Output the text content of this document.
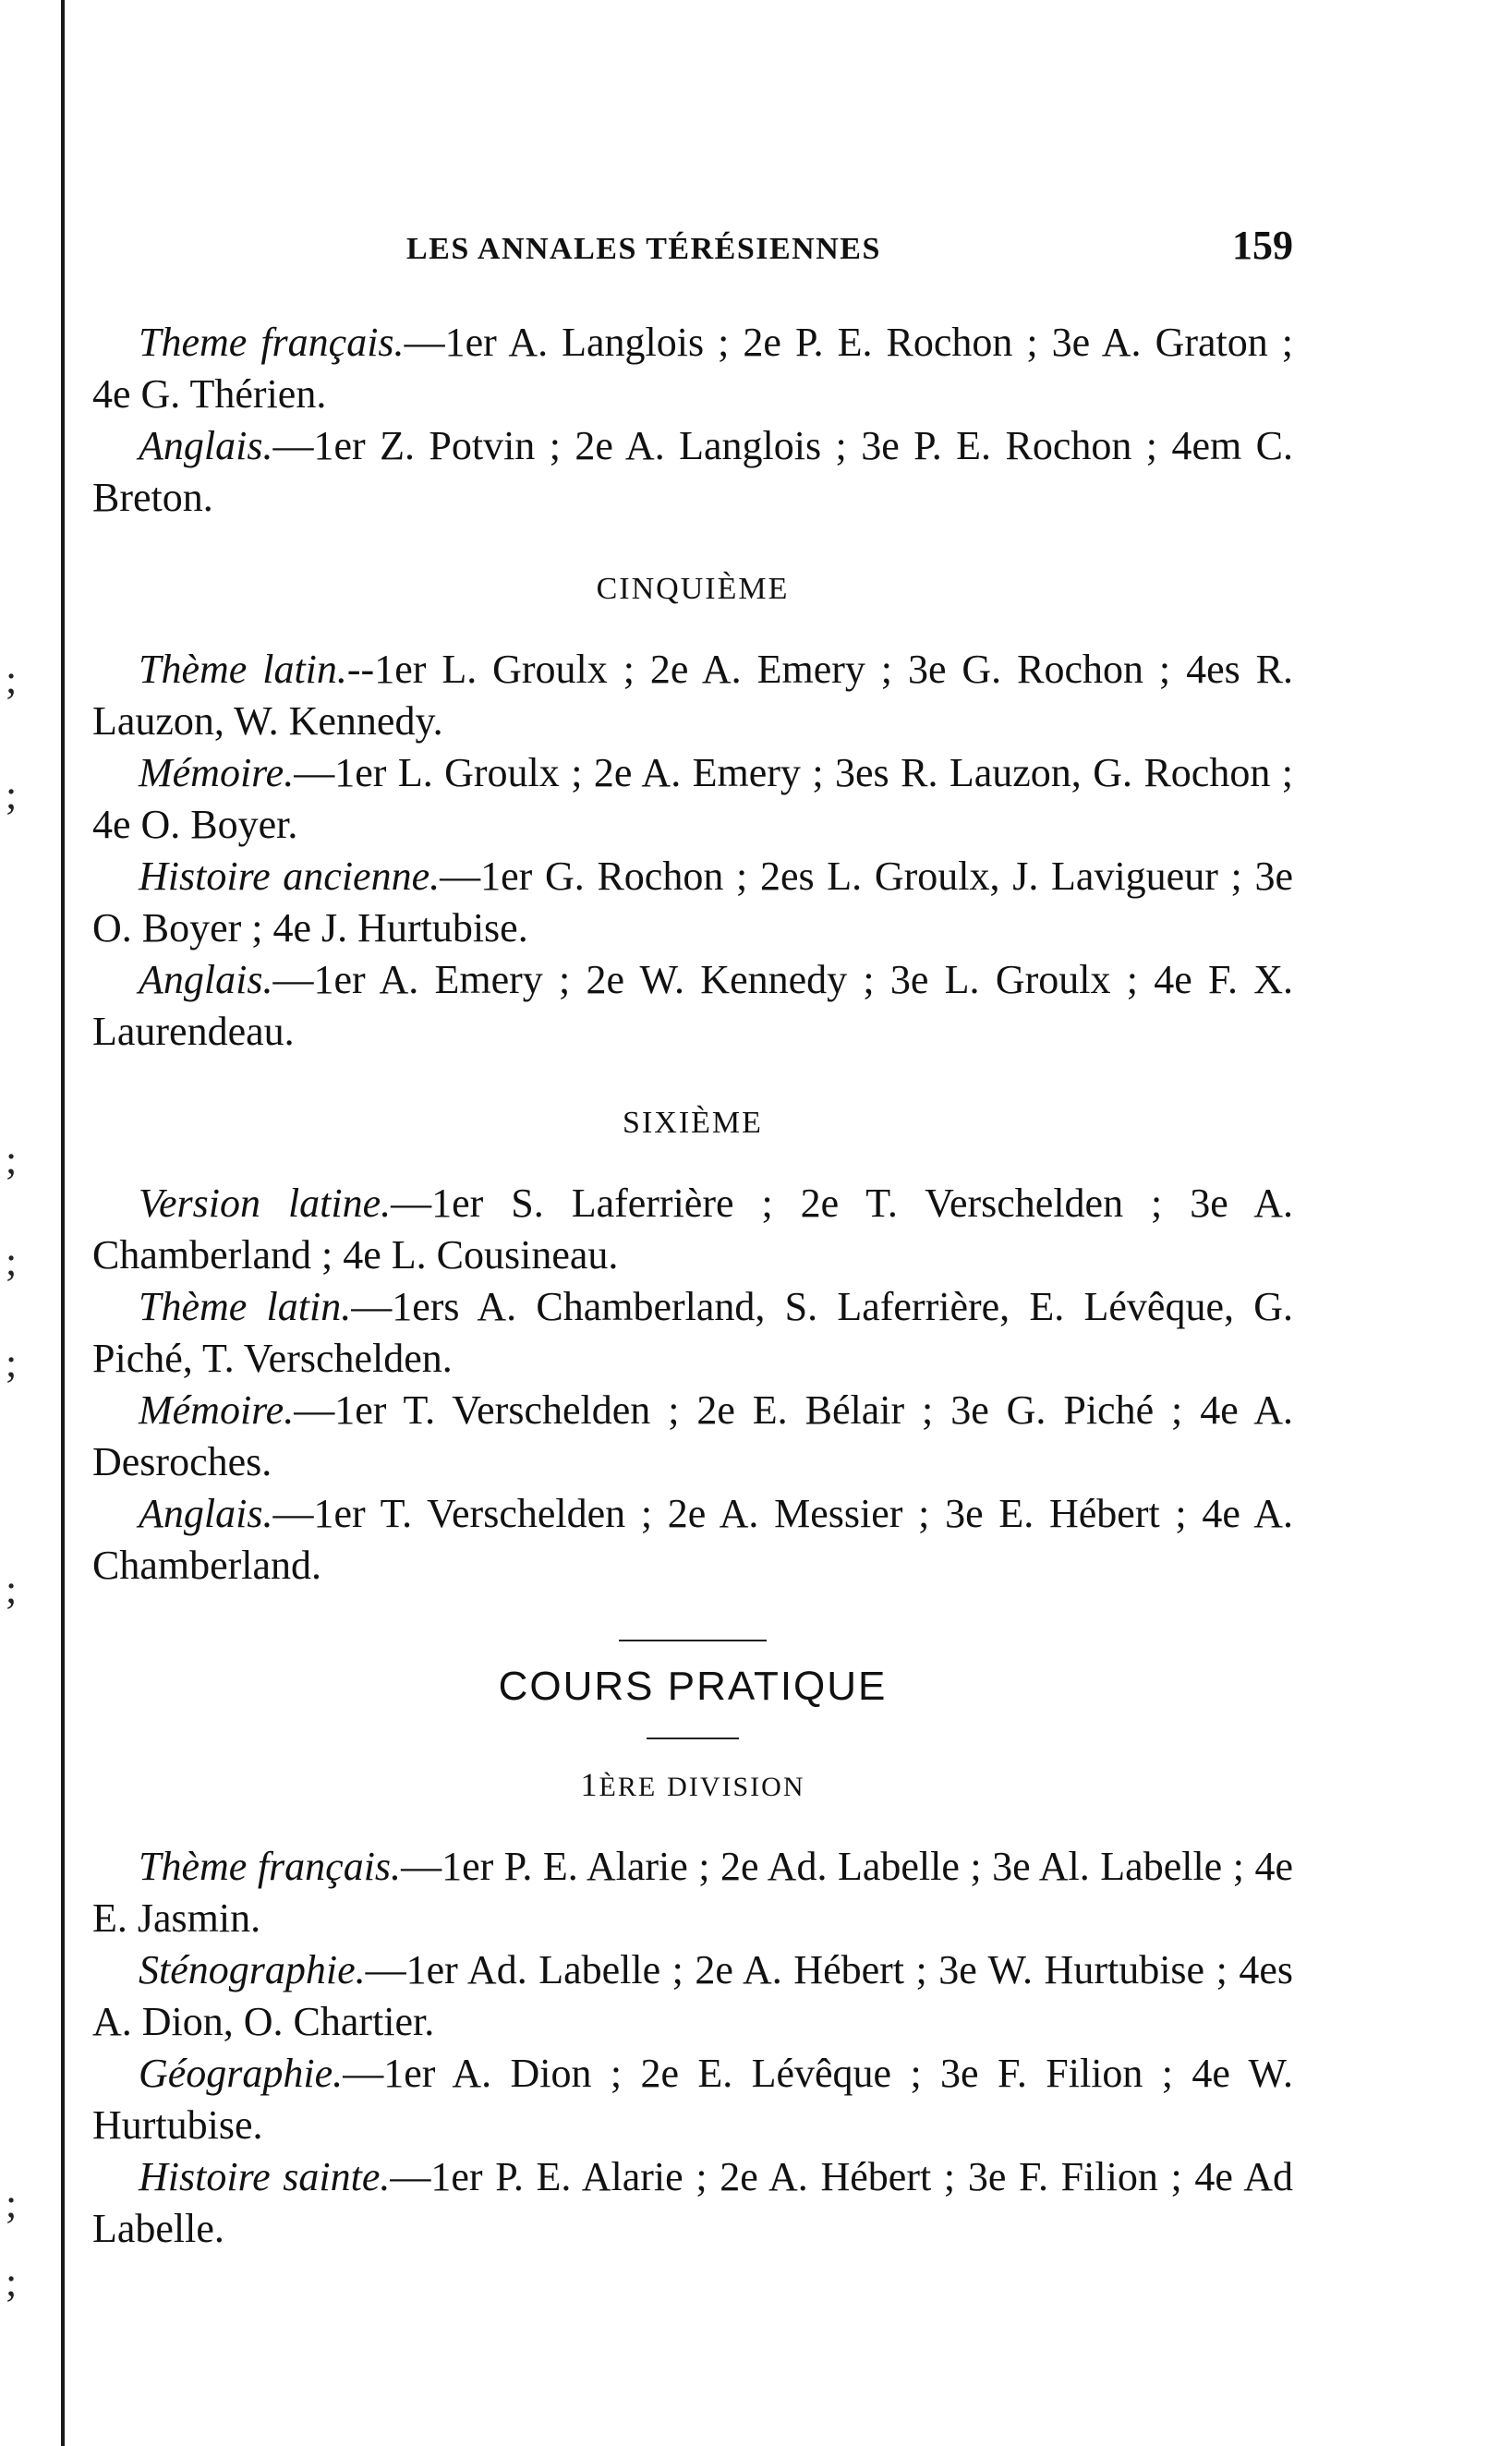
;
;
;
;
;
;
;
;
LES ANNALES TÉRÉSIENNES	159

Theme français.—1er A. Langlois ; 2e P. E. Rochon ; 3e A. Graton ; 4e G. Thérien.

Anglais.—1er Z. Potvin ; 2e A. Langlois ; 3e P. E. Rochon ; 4em C. Breton.

CINQUIÈME

Thème latin.--1er L. Groulx ; 2e A. Emery ; 3e G. Rochon ; 4es R. Lauzon, W. Kennedy.

Mémoire.—1er L. Groulx ; 2e A. Emery ; 3es R. Lauzon, G. Rochon ; 4e O. Boyer.

Histoire ancienne.—1er G. Rochon ; 2es L. Groulx, J. Lavigueur ; 3e O. Boyer ; 4e J. Hurtubise.

Anglais.—1er A. Emery ; 2e W. Kennedy ; 3e L. Groulx ; 4e F. X. Laurendeau.

SIXIÈME

Version latine.—1er S. Laferrière ; 2e T. Verschelden ; 3e A. Chamberland ; 4e L. Cousineau.

Thème latin.—1ers A. Chamberland, S. Laferrière, E. Lévêque, G. Piché, T. Verschelden.

Mémoire.—1er T. Verschelden ; 2e E. Bélair ; 3e G. Piché ; 4e A. Desroches.

Anglais.—1er T. Verschelden ; 2e A. Messier ; 3e E. Hébert ; 4e A. Chamberland.

COURS PRATIQUE
1ÈRE DIVISION

Thème français.—1er P. E. Alarie ; 2e Ad. Labelle ; 3e Al. Labelle ; 4e E. Jasmin.

Sténographie.—1er Ad. Labelle ; 2e A. Hébert ; 3e W. Hurtubise ; 4es A. Dion, O. Chartier.

Géographie.—1er A. Dion ; 2e E. Lévêque ; 3e F. Filion ; 4e W. Hurtubise.

Histoire sainte.—1er P. E. Alarie ; 2e A. Hébert ; 3e F. Filion ; 4e Ad Labelle.
